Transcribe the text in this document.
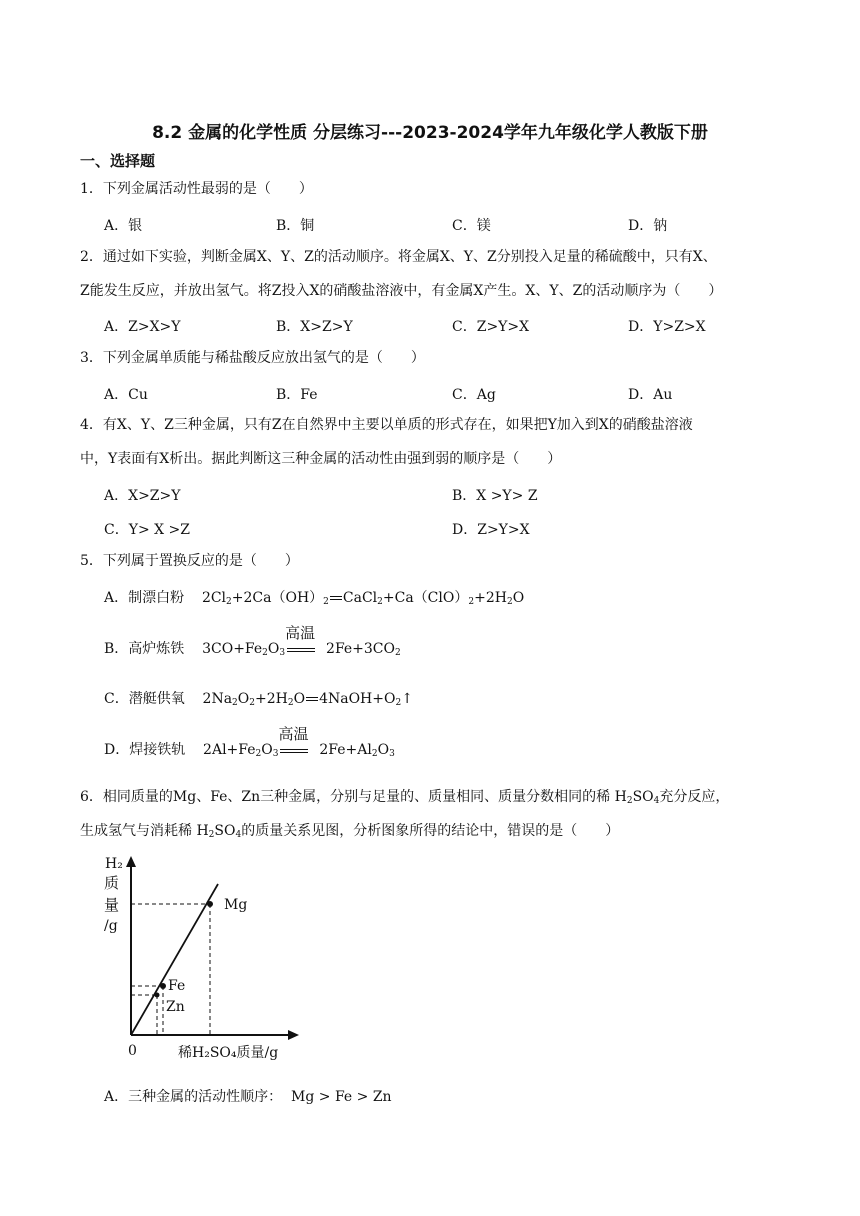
8.2 金属的化学性质 分层练习---2023-2024学年九年级化学人教版下册
一、选择题
1．下列金属活动性最弱的是（　　）
A．银	B．铜	C．镁	D．钠
2．通过如下实验，判断金属X、Y、Z的活动顺序。将金属X、Y、Z分别投入足量的稀硫酸中，只有X、
Z能发生反应，并放出氢气。将Z投入X的硝酸盐溶液中，有金属X产生。X、Y、Z的活动顺序为（　　）
A．Z>X>Y	B．X>Z>Y	C．Z>Y>X	D．Y>Z>X
3．下列金属单质能与稀盐酸反应放出氢气的是（　　）
A．Cu	B．Fe	C．Ag	D．Au
4．有X、Y、Z三种金属，只有Z在自然界中主要以单质的形式存在，如果把Y加入到X的硝酸盐溶液
中，Y表面有X析出。据此判断这三种金属的活动性由强到弱的顺序是（　　）
A．X>Z>Y	B．X >Y> Z
C．Y> X >Z	D．Z>Y>X
5．下列属于置换反应的是（　　）
A．制漂白粉 $2Cl_2+2Ca(OH)_2$ $CaCl_2+Ca(ClO)_2+2H_2O$
B．高炉炼铁 $3CO+Fe_2O_3$
高温
$2Fe+3CO_2$
C．潜艇供氧 $2Na_2O_2+2H_2O$ $4NaOH+O_2↑$
D．焊接铁轨 $2Al+Fe_2O_3$
高温
$2Fe+Al_2O_3$
6．相同质量的Mg、Fe、Zn三种金属，分别与足量的、质量相同、质量分数相同的稀 $H_2SO_4$充分反应，
生成氢气与消耗稀 $H_2SO_4$的质量关系见图，分析图象所得的结论中，错误的是（　　）
Mg
Fe
Zn
0
H₂
质
量
/g
稀H₂SO₄质量/g
A．三种金属的活动性顺序： Mg > Fe > Zn
